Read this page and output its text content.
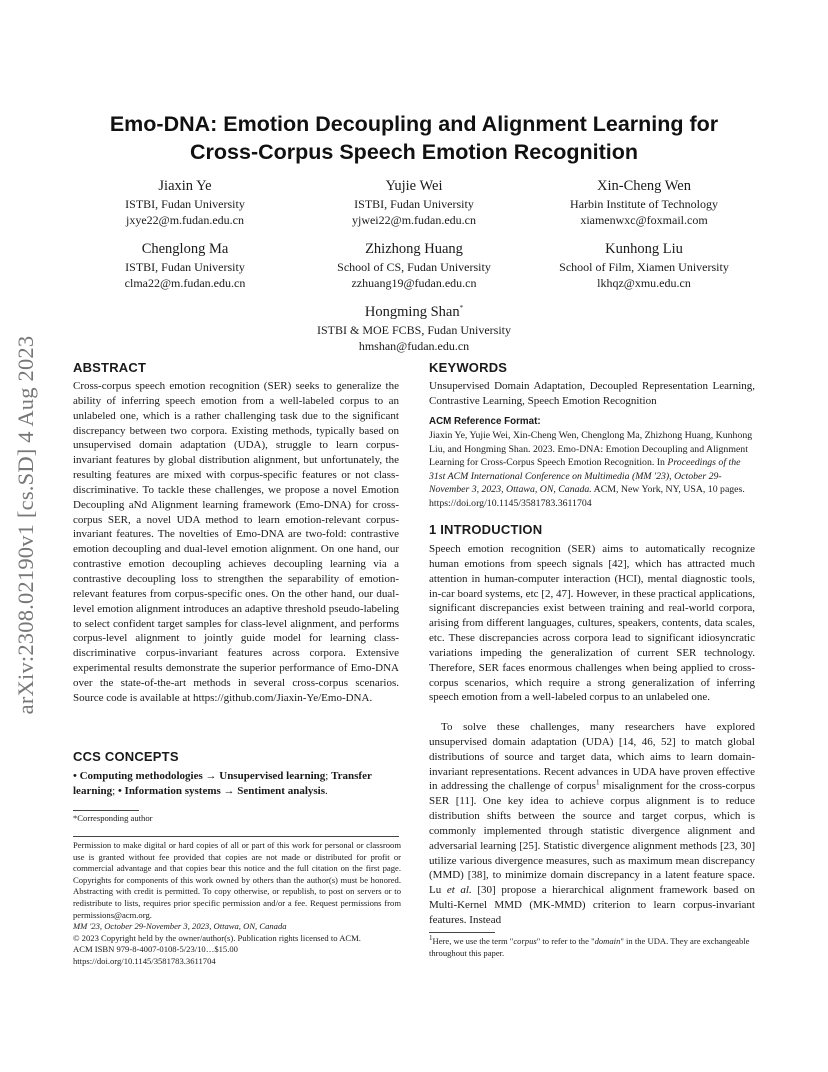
arXiv:2308.02190v1 [cs.SD] 4 Aug 2023
Emo-DNA: Emotion Decoupling and Alignment Learning for
Cross-Corpus Speech Emotion Recognition
Jiaxin Ye
ISTBI, Fudan University
jxye22@m.fudan.edu.cn
Yujie Wei
ISTBI, Fudan University
yjwei22@m.fudan.edu.cn
Xin-Cheng Wen
Harbin Institute of Technology
xiamenwxc@foxmail.com
Chenglong Ma
ISTBI, Fudan University
clma22@m.fudan.edu.cn
Zhizhong Huang
School of CS, Fudan University
zzhuang19@fudan.edu.cn
Kunhong Liu
School of Film, Xiamen University
lkhqz@xmu.edu.cn
Hongming Shan*
ISTBI & MOE FCBS, Fudan University
hmshan@fudan.edu.cn
ABSTRACT

Cross-corpus speech emotion recognition (SER) seeks to generalize the ability of inferring speech emotion from a well-labeled corpus to an unlabeled one, which is a rather challenging task due to the significant discrepancy between two corpora. Existing methods, typically based on unsupervised domain adaptation (UDA), struggle to learn corpus-invariant features by global distribution alignment, but unfortunately, the resulting features are mixed with corpus-specific features or not class-discriminative. To tackle these challenges, we propose a novel Emotion Decoupling aNd Alignment learning framework (Emo-DNA) for cross-corpus SER, a novel UDA method to learn emotion-relevant corpus-invariant features. The novelties of Emo-DNA are two-fold: contrastive emotion decoupling and dual-level emotion alignment. On one hand, our contrastive emotion decoupling achieves decoupling learning via a contrastive decoupling loss to strengthen the separability of emotion-relevant features from corpus-specific ones. On the other hand, our dual-level emotion alignment introduces an adaptive threshold pseudo-labeling to select confident target samples for class-level alignment, and performs corpus-level alignment to jointly guide model for learning class-discriminative corpus-invariant features across corpora. Extensive experimental results demonstrate the superior performance of Emo-DNA over the state-of-the-art methods in several cross-corpus scenarios. Source code is available at https://github.com/Jiaxin-Ye/Emo-DNA.

CCS CONCEPTS

• Computing methodologies → Unsupervised learning; Transfer learning; • Information systems → Sentiment analysis.

*Corresponding author

Permission to make digital or hard copies of all or part of this work for personal or classroom use is granted without fee provided that copies are not made or distributed for profit or commercial advantage and that copies bear this notice and the full citation on the first page. Copyrights for components of this work owned by others than the author(s) must be honored. Abstracting with credit is permitted. To copy otherwise, or republish, to post on servers or to redistribute to lists, requires prior specific permission and/or a fee. Request permissions from permissions@acm.org.

MM '23, October 29-November 3, 2023, Ottawa, ON, Canada

© 2023 Copyright held by the owner/author(s). Publication rights licensed to ACM.

ACM ISBN 979-8-4007-0108-5/23/10…$15.00

https://doi.org/10.1145/3581783.3611704

KEYWORDS

Unsupervised Domain Adaptation, Decoupled Representation Learning, Contrastive Learning, Speech Emotion Recognition

ACM Reference Format:

Jiaxin Ye, Yujie Wei, Xin-Cheng Wen, Chenglong Ma, Zhizhong Huang, Kunhong Liu, and Hongming Shan. 2023. Emo-DNA: Emotion Decoupling and Alignment Learning for Cross-Corpus Speech Emotion Recognition. In Proceedings of the 31st ACM International Conference on Multimedia (MM '23), October 29-November 3, 2023, Ottawa, ON, Canada. ACM, New York, NY, USA, 10 pages. https://doi.org/10.1145/3581783.3611704

1 INTRODUCTION

Speech emotion recognition (SER) aims to automatically recognize human emotions from speech signals [42], which has attracted much attention in human-computer interaction (HCI), mental diagnostic tools, in-car board systems, etc [2, 47]. However, in these practical applications, significant discrepancies exist between training and real-world corpora, arising from different languages, cultures, speakers, contents, data scales, etc. These discrepancies across corpora lead to significant idiosyncratic variations impeding the generalization of current SER technology. Therefore, SER faces enormous challenges when being applied to cross-corpus scenarios, which require a strong generalization of inferring speech emotion from a well-labeled corpus to an unlabeled one.

To solve these challenges, many researchers have explored unsupervised domain adaptation (UDA) [14, 46, 52] to match global distributions of source and target data, which aims to learn domain-invariant representations. Recent advances in UDA have proven effective in addressing the challenge of corpus$^1$ misalignment for the cross-corpus SER [11]. One key idea to achieve corpus alignment is to reduce distribution shifts between the source and target corpus, which is commonly implemented through statistic divergence alignment and adversarial learning [25]. Statistic divergence alignment methods [23, 30] utilize various divergence measures, such as maximum mean discrepancy (MMD) [38], to minimize domain discrepancy in a latent feature space. Lu et al. [30] propose a hierarchical alignment framework based on Multi-Kernel MMD (MK-MMD) criterion to learn corpus-invariant features. Instead

$^1$Here, we use the term "corpus" to refer to the "domain" in the UDA. They are exchangeable throughout this paper.
